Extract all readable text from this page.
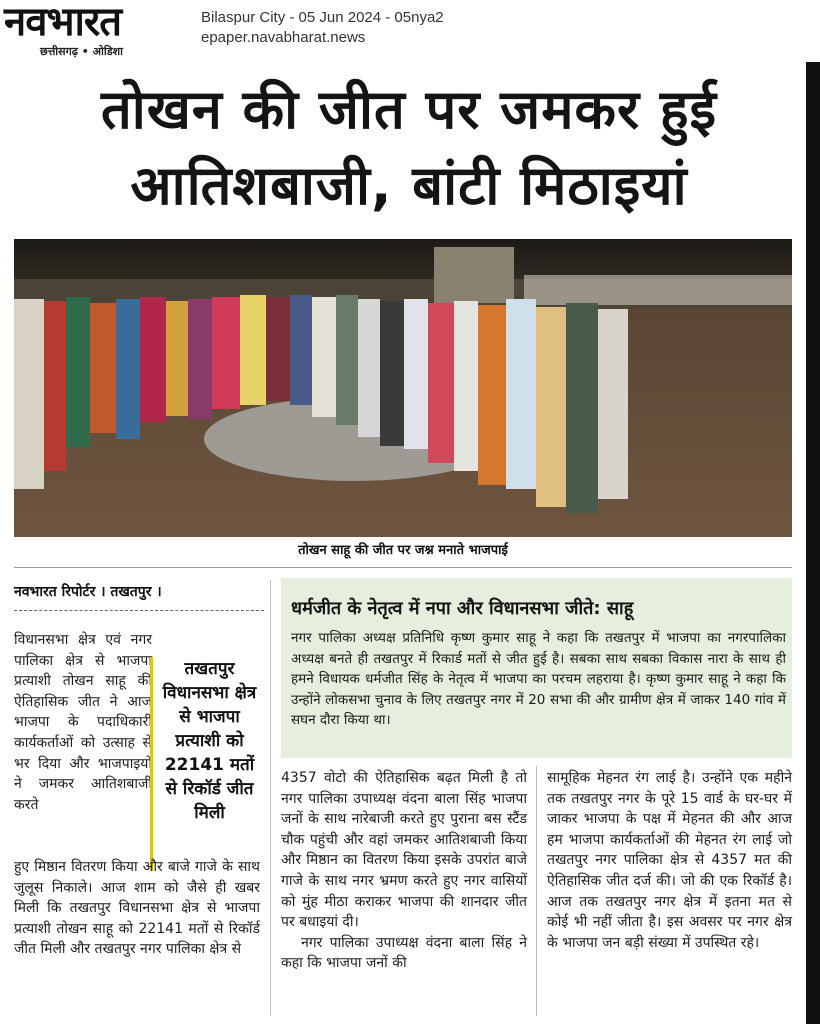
नवभारत
छत्तीसगढ़ • ओडिशा
Bilaspur City - 05 Jun 2024 - 05nya2
epaper.navabharat.news
तोखन की जीत पर जमकर हुई
आतिशबाजी, बांटी मिठाइयां
तोखन साहू की जीत पर जश्न मनाते भाजपाई
नवभारत रिपोर्टर । तखतपुर ।

विधानसभा क्षेत्र एवं नगर पालिका क्षेत्र से भाजपा प्रत्याशी तोखन साहू की ऐतिहासिक जीत ने आज भाजपा के पदाधिकारी कार्यकर्ताओं को उत्साह से भर दिया और भाजपाइयों ने जमकर आतिशबाजी करते

तखतपुर विधानसभा क्षेत्र से भाजपा प्रत्याशी को 22141 मतों से रिकॉर्ड जीत मिली

हुए मिष्ठान वितरण किया और बाजे गाजे के साथ जुलूस निकाले। आज शाम को जैसे ही खबर मिली कि तखतपुर विधानसभा क्षेत्र से भाजपा प्रत्याशी तोखन साहू को 22141 मतों से रिकॉर्ड जीत मिली और तखतपुर नगर पालिका क्षेत्र से

धर्मजीत के नेतृत्व में नपा और विधानसभा जीते: साहू

नगर पालिका अध्यक्ष प्रतिनिधि कृष्ण कुमार साहू ने कहा कि तखतपुर में भाजपा का नगरपालिका अध्यक्ष बनते ही तखतपुर में रिकार्ड मतों से जीत हुई है। सबका साथ सबका विकास नारा के साथ ही हमने विधायक धर्मजीत सिंह के नेतृत्व में भाजपा का परचम लहराया है। कृष्ण कुमार साहू ने कहा कि उन्होंने लोकसभा चुनाव के लिए तखतपुर नगर में 20 सभा की और ग्रामीण क्षेत्र में जाकर 140 गांव में सघन दौरा किया था।

4357 वोटो की ऐतिहासिक बढ़त मिली है तो नगर पालिका उपाध्यक्ष वंदना बाला सिंह भाजपा जनों के साथ नारेबाजी करते हुए पुराना बस स्टैंड चौक पहुंची और वहां जमकर आतिशबाजी किया और मिष्ठान का वितरण किया इसके उपरांत बाजे गाजे के साथ नगर भ्रमण करते हुए नगर वासियों को मुंह मीठा कराकर भाजपा की शानदार जीत पर बधाइयां दी।

नगर पालिका उपाध्यक्ष वंदना बाला सिंह ने कहा कि भाजपा जनों की

सामूहिक मेहनत रंग लाई है। उन्होंने एक महीने तक तखतपुर नगर के पूरे 15 वार्ड के घर-घर में जाकर भाजपा के पक्ष में मेहनत की और आज हम भाजपा कार्यकर्ताओं की मेहनत रंग लाई जो तखतपुर नगर पालिका क्षेत्र से 4357 मत की ऐतिहासिक जीत दर्ज की। जो की एक रिकॉर्ड है। आज तक तखतपुर नगर क्षेत्र में इतना मत से कोई भी नहीं जीता है। इस अवसर पर नगर क्षेत्र के भाजपा जन बड़ी संख्या में उपस्थित रहे।
